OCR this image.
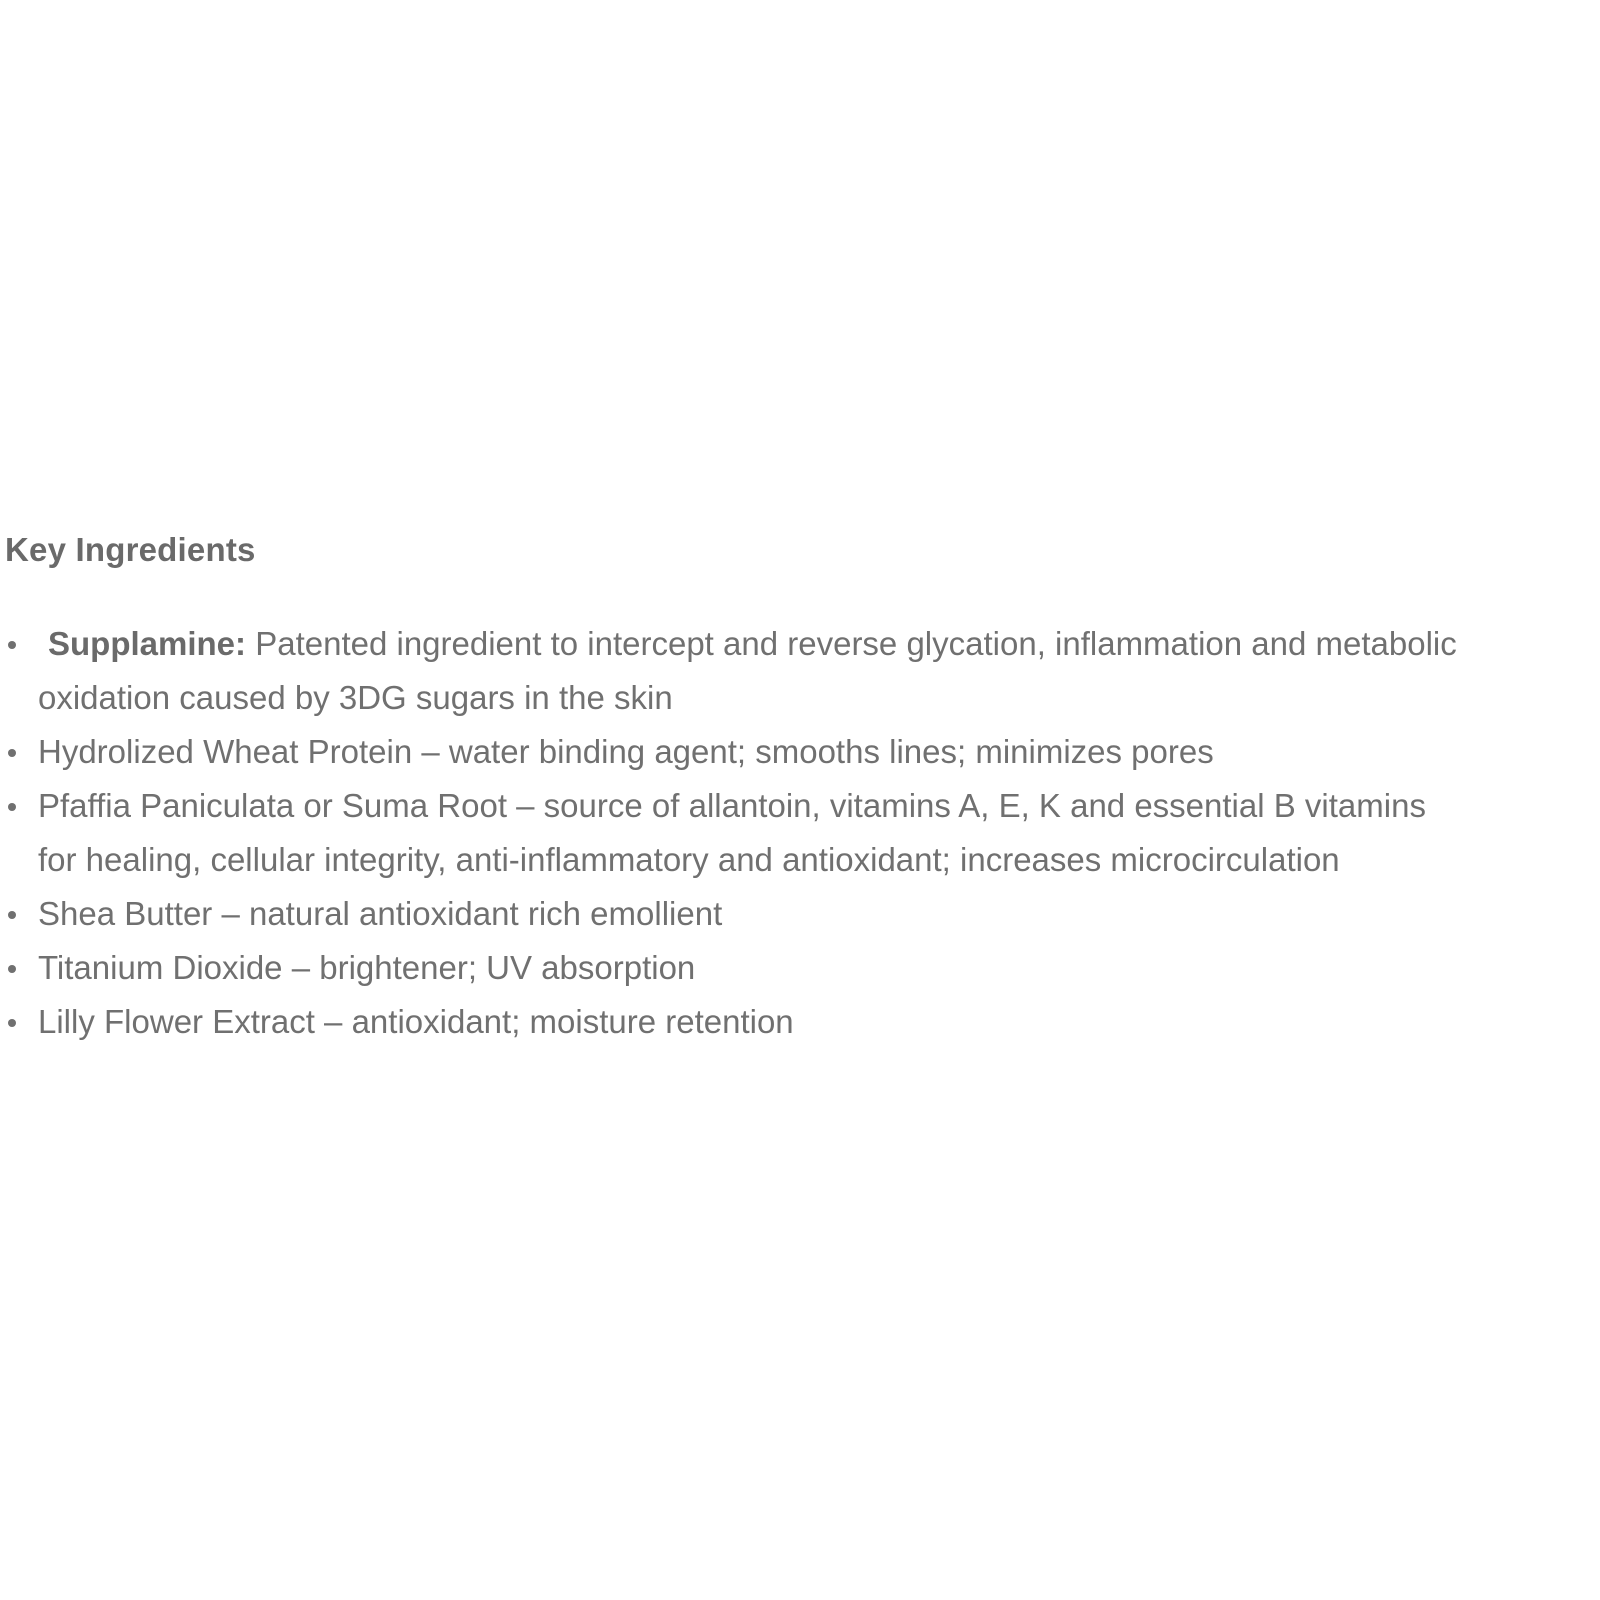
Key Ingredients
Supplamine: Patented ingredient to intercept and reverse glycation, inflammation and metabolic
oxidation caused by 3DG sugars in the skin
Hydrolized Wheat Protein – water binding agent; smooths lines; minimizes pores
Pfaffia Paniculata or Suma Root – source of allantoin, vitamins A, E, K and essential B vitamins
for healing, cellular integrity, anti-inflammatory and antioxidant; increases microcirculation
Shea Butter – natural antioxidant rich emollient
Titanium Dioxide – brightener; UV absorption
Lilly Flower Extract – antioxidant; moisture retention
